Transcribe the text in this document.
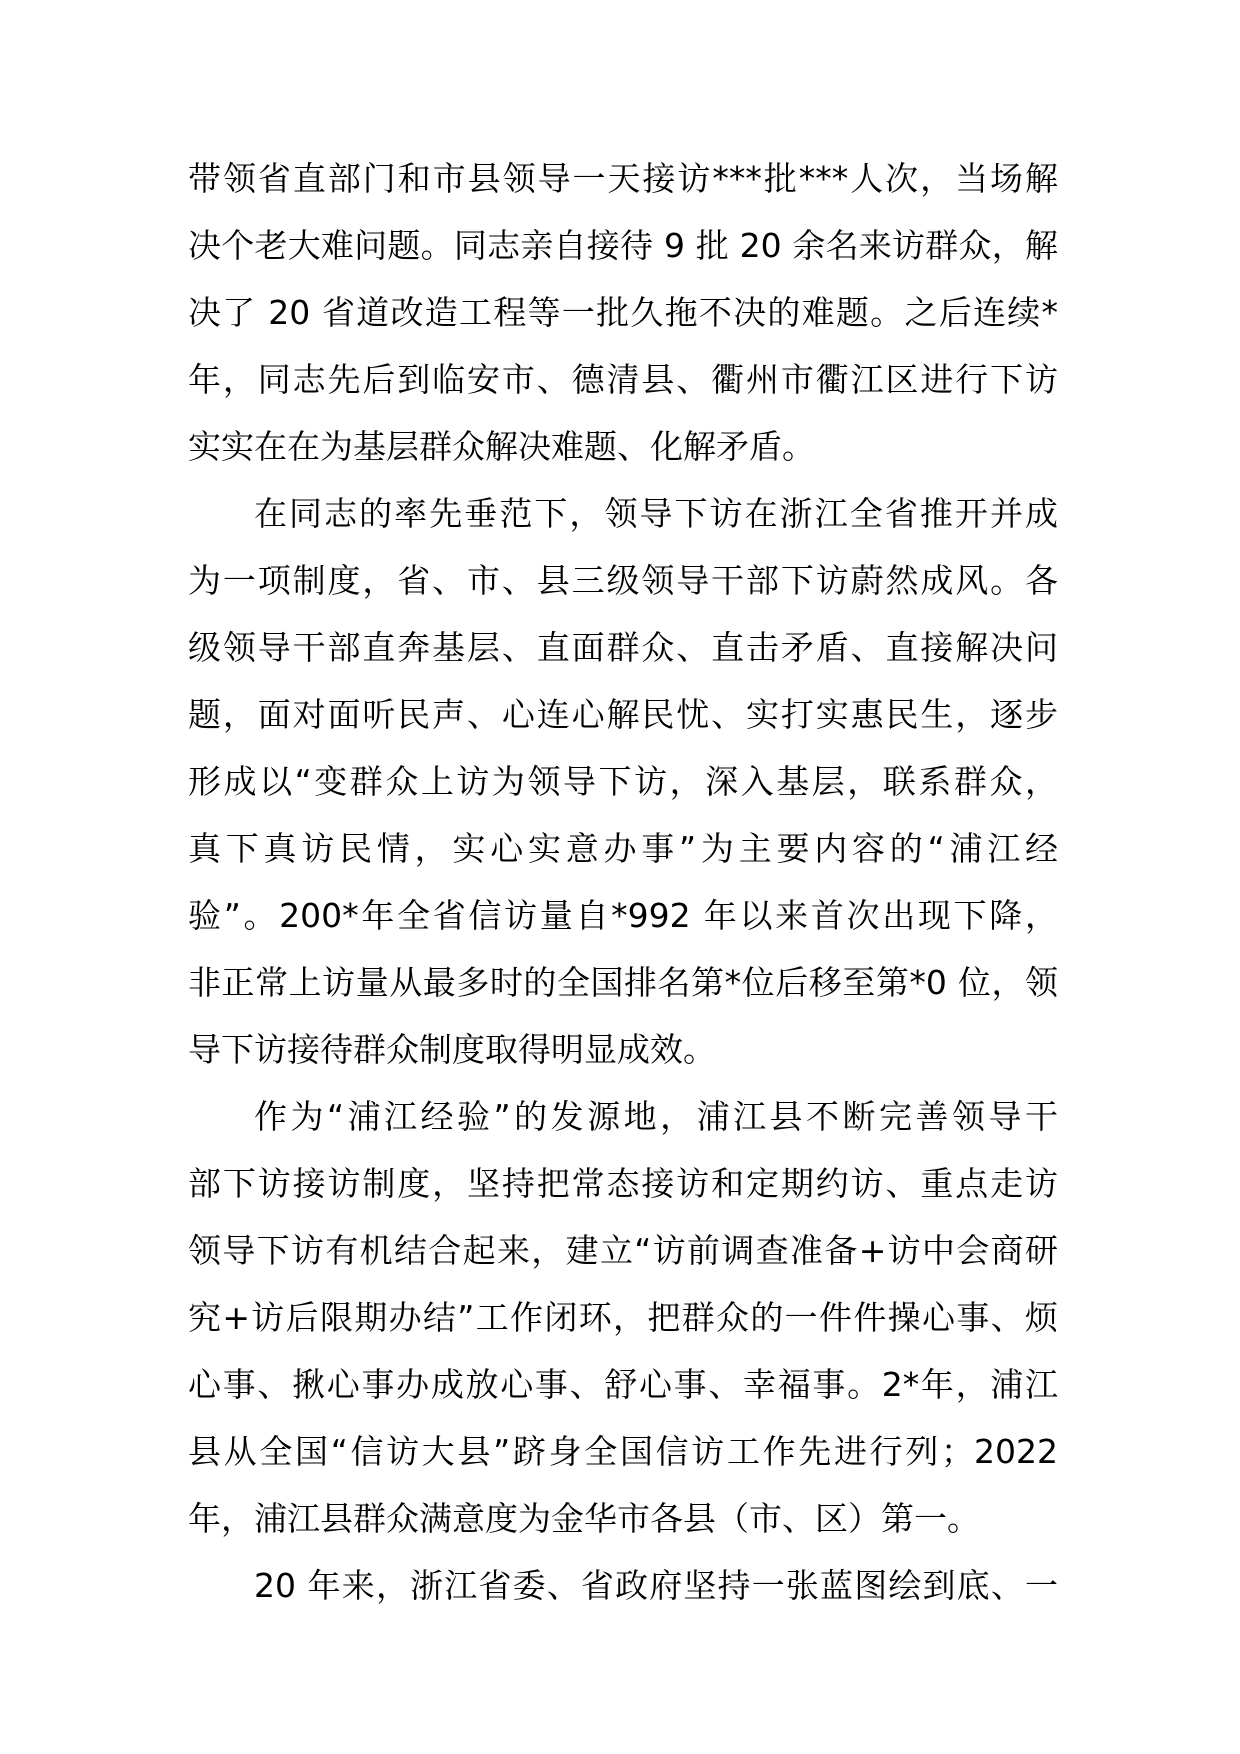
带领省直部门和市县领导一天接访***批***人次，当场解
决个老大难问题。同志亲自接待 9 批 20 余名来访群众，解
决了 20 省道改造工程等一批久拖不决的难题。之后连续*
年，同志先后到临安市、德清县、衢州市衢江区进行下访
实实在在为基层群众解决难题、化解矛盾。
在同志的率先垂范下，领导下访在浙江全省推开并成
为一项制度，省、市、县三级领导干部下访蔚然成风。各
级领导干部直奔基层、直面群众、直击矛盾、直接解决问
题，面对面听民声、心连心解民忧、实打实惠民生，逐步
形成以“变群众上访为领导下访，深入基层，联系群众，
真下真访民情，实心实意办事”为主要内容的“浦江经
验”。200*年全省信访量自*992 年以来首次出现下降，
非正常上访量从最多时的全国排名第*位后移至第*0 位，领
导下访接待群众制度取得明显成效。
作为“浦江经验”的发源地，浦江县不断完善领导干
部下访接访制度，坚持把常态接访和定期约访、重点走访
领导下访有机结合起来，建立“访前调查准备+访中会商研
究+访后限期办结”工作闭环，把群众的一件件操心事、烦
心事、揪心事办成放心事、舒心事、幸福事。2*年，浦江
县从全国“信访大县”跻身全国信访工作先进行列；2022
年，浦江县群众满意度为金华市各县（市、区）第一。
20 年来，浙江省委、省政府坚持一张蓝图绘到底、一
